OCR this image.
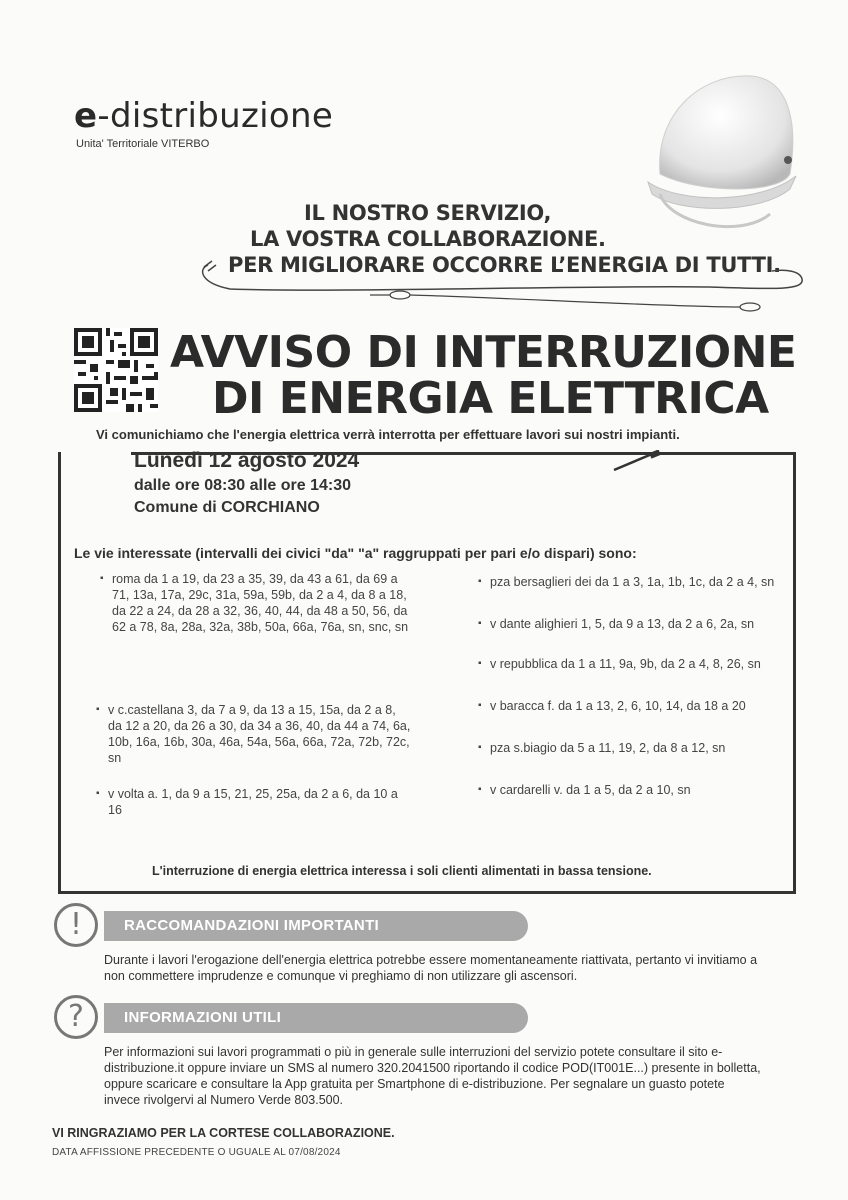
e-distribuzione
Unita' Territoriale VITERBO
IL NOSTRO SERVIZIO,
LA VOSTRA COLLABORAZIONE.
PER MIGLIORARE OCCORRE L’ENERGIA DI TUTTI.
AVVISO DI INTERRUZIONE
DI ENERGIA ELETTRICA
Vi comunichiamo che l'energia elettrica verrà interrotta per effettuare lavori sui nostri impianti.
Lunedì 12 agosto 2024
dalle ore 08:30 alle ore 14:30
Comune di CORCHIANO
Le vie interessate (intervalli dei civici "da" "a" raggruppati per pari e/o dispari) sono:
▪ roma da 1 a 19, da 23 a 35, 39, da 43 a 61, da 69 a 71, 13a, 17a, 29c, 31a, 59a, 59b, da 2 a 4, da 8 a 18, da 22 a 24, da 28 a 32, 36, 40, 44, da 48 a 50, 56, da 62 a 78, 8a, 28a, 32a, 38b, 50a, 66a, 76a, sn, snc, sn
▪ v c.castellana 3, da 7 a 9, da 13 a 15, 15a, da 2 a 8, da 12 a 20, da 26 a 30, da 34 a 36, 40, da 44 a 74, 6a, 10b, 16a, 16b, 30a, 46a, 54a, 56a, 66a, 72a, 72b, 72c, sn
▪ v volta a. 1, da 9 a 15, 21, 25, 25a, da 2 a 6, da 10 a 16
▪ pza bersaglieri dei da 1 a 3, 1a, 1b, 1c, da 2 a 4, sn
▪ v dante alighieri 1, 5, da 9 a 13, da 2 a 6, 2a, sn
▪ v repubblica da 1 a 11, 9a, 9b, da 2 a 4, 8, 26, sn
▪ v baracca f. da 1 a 13, 2, 6, 10, 14, da 18 a 20
▪ pza s.biagio da 5 a 11, 19, 2, da 8 a 12, sn
▪ v cardarelli v. da 1 a 5, da 2 a 10, sn
L'interruzione di energia elettrica interessa i soli clienti alimentati in bassa tensione.
RACCOMANDAZIONI IMPORTANTI
!
Durante i lavori l'erogazione dell'energia elettrica potrebbe essere momentaneamente riattivata, pertanto vi invitiamo a non commettere imprudenze e comunque vi preghiamo di non utilizzare gli ascensori.
INFORMAZIONI UTILI
?
Per informazioni sui lavori programmati o più in generale sulle interruzioni del servizio potete consultare il sito e-distribuzione.it oppure inviare un SMS al numero 320.2041500 riportando il codice POD(IT001E...) presente in bolletta, oppure scaricare e consultare la App gratuita per Smartphone di e-distribuzione. Per segnalare un guasto potete invece rivolgervi al Numero Verde 803.500.
VI RINGRAZIAMO PER LA CORTESE COLLABORAZIONE.
DATA AFFISSIONE PRECEDENTE O UGUALE AL 07/08/2024
